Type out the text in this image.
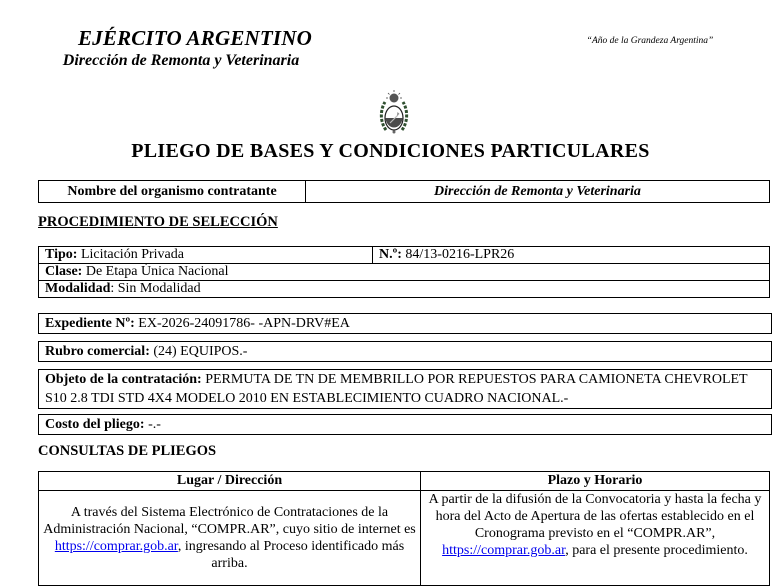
EJÉRCITO ARGENTINO
Dirección de Remonta y Veterinaria
“Año de la Grandeza Argentina”
PLIEGO DE BASES Y CONDICIONES PARTICULARES
Nombre del organismo contratante	Dirección de Remonta y Veterinaria
PROCEDIMIENTO DE SELECCIÓN
Tipo: Licitación Privada	N.º: 84/13-0216-LPR26
Clase: De Etapa Única Nacional
Modalidad: Sin Modalidad
Expediente Nº: EX-2026-24091786- -APN-DRV#EA
Rubro comercial: (24) EQUIPOS.-
Objeto de la contratación: PERMUTA DE TN DE MEMBRILLO POR REPUESTOS PARA CAMIONETA CHEVROLET S10 2.8 TDI STD 4X4 MODELO 2010 EN ESTABLECIMIENTO CUADRO NACIONAL.-
Costo del pliego: -.-
CONSULTAS DE PLIEGOS
Lugar / Dirección	Plazo y Horario
A través del Sistema Electrónico de Contrataciones de la Administración Nacional, “COMPR.AR”, cuyo sitio de internet es https://comprar.gob.ar, ingresando al Proceso identificado más arriba.	A partir de la difusión de la Convocatoria y hasta la fecha y hora del Acto de Apertura de las ofertas establecido en el Cronograma previsto en el “COMPR.AR”, https://comprar.gob.ar, para el presente procedimiento.
